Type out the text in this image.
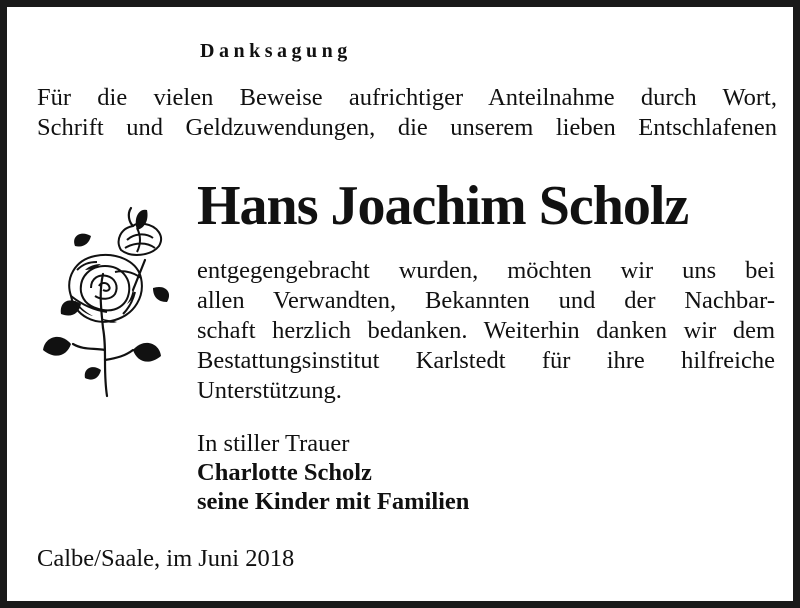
Danksagung
Für die vielen Beweise aufrichtiger Anteilnahme durch Wort,
Schrift und Geldzuwendungen, die unserem lieben Entschlafenen
Hans Joachim Scholz
entgegengebracht wurden, möchten wir uns bei
allen Verwandten, Bekannten und der Nachbar-
schaft herzlich bedanken. Weiterhin danken wir dem
Bestattungsinstitut Karlstedt für ihre hilfreiche
Unterstützung.
In stiller Trauer
Charlotte Scholz
seine Kinder mit Familien
Calbe/Saale, im Juni 2018
